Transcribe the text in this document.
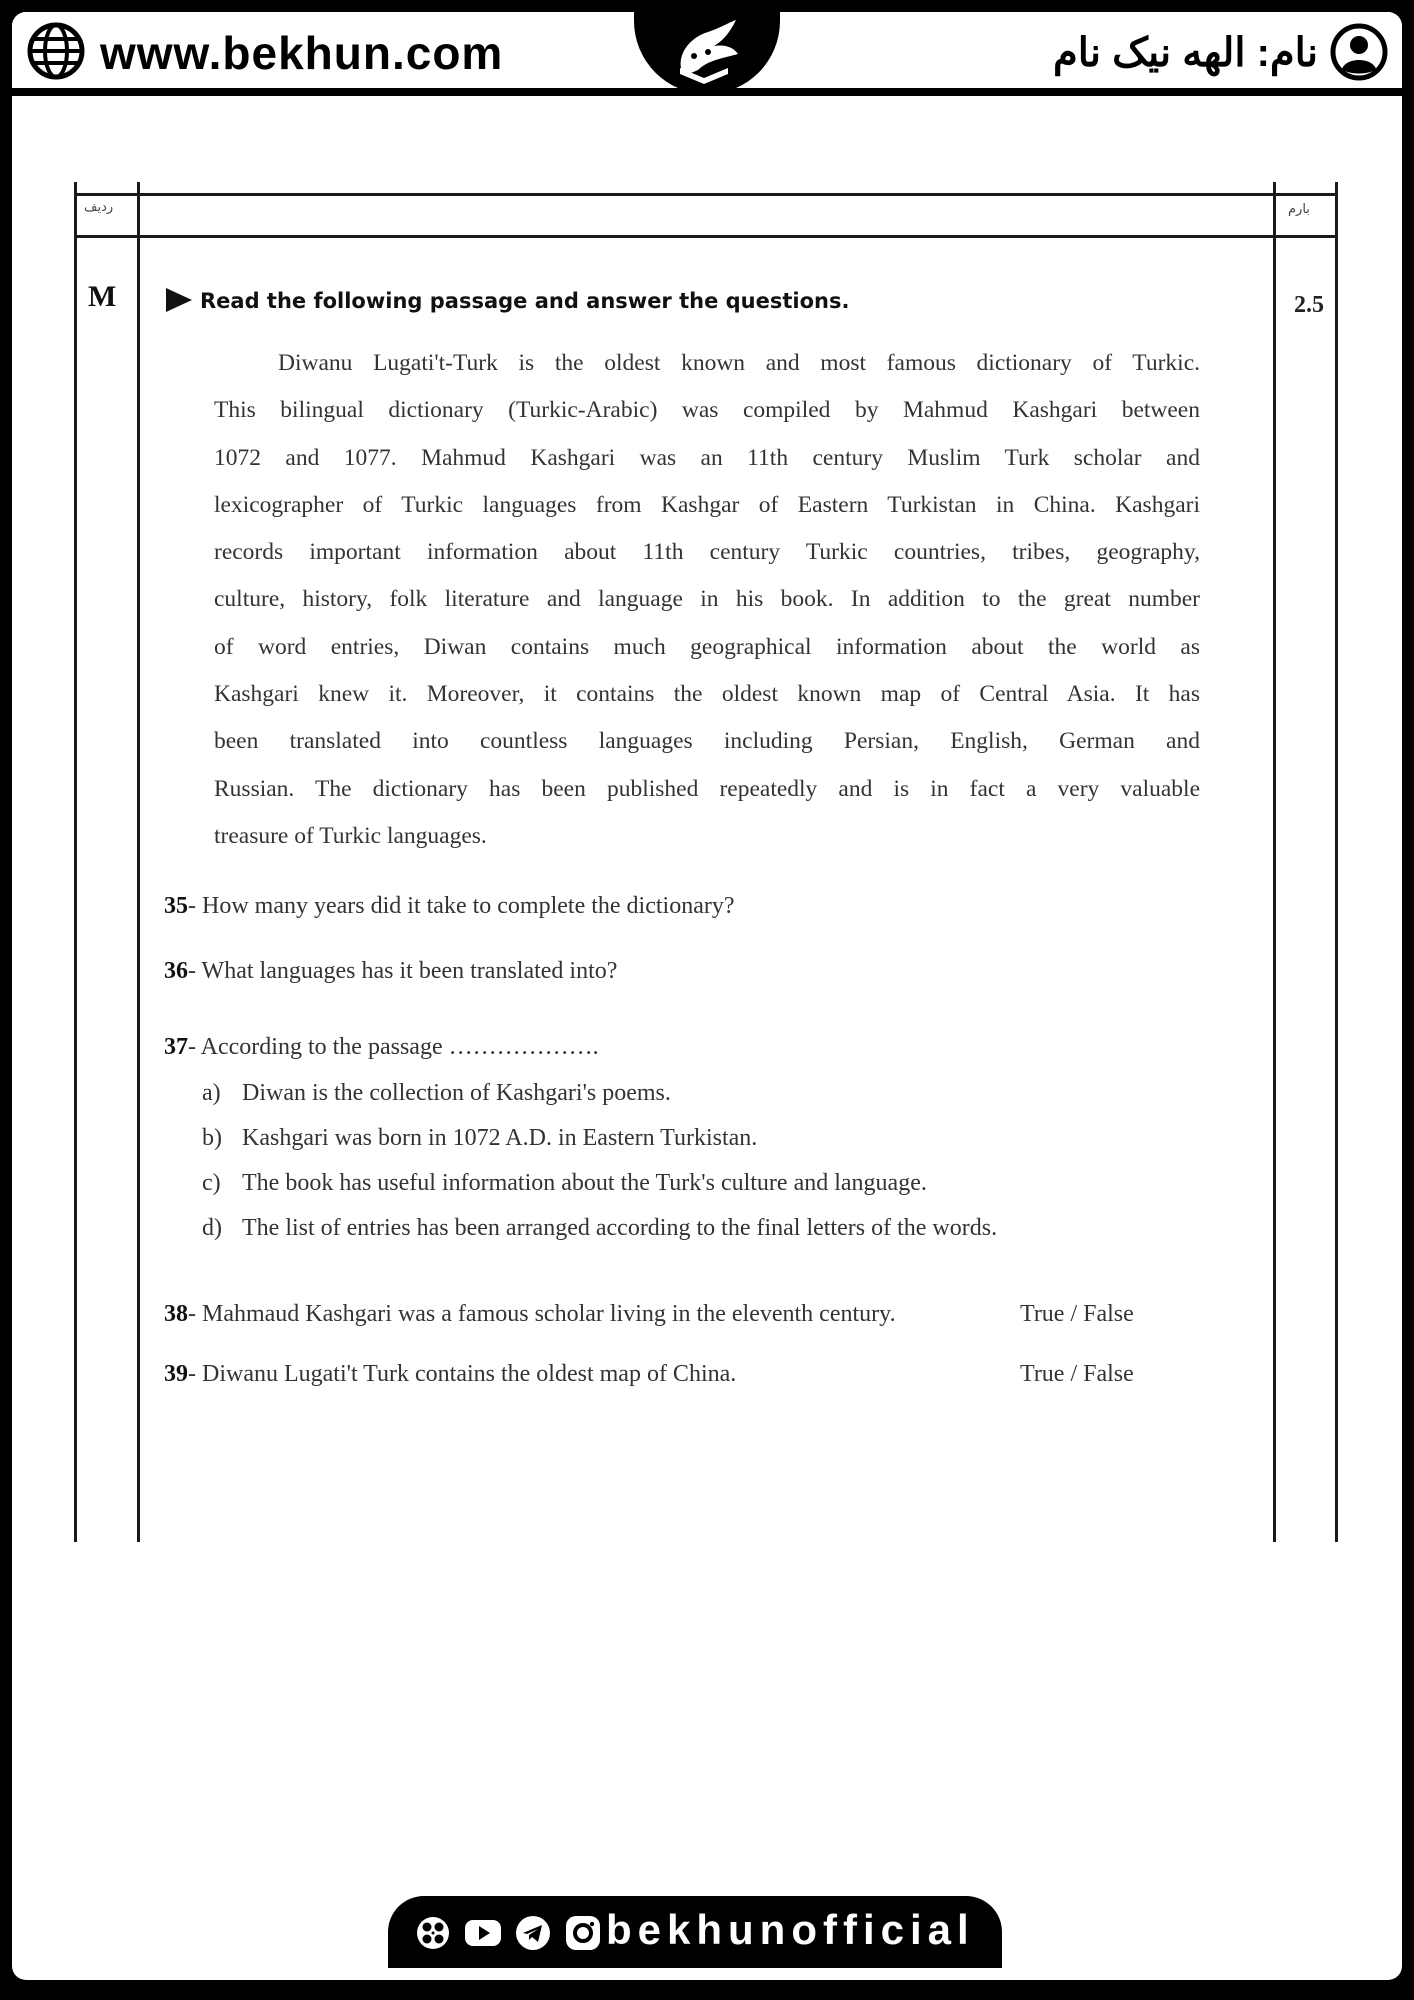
www.bekhun.com	نام: الهه نیک نام
ردیف	بارم
M	2.5
Read the following passage and answer the questions.
Diwanu Lugati't-Turk is the oldest known and most famous dictionary of Turkic.
This bilingual dictionary (Turkic-Arabic) was compiled by Mahmud Kashgari between
1072 and 1077. Mahmud Kashgari was an 11th century Muslim Turk scholar and
lexicographer of Turkic languages from Kashgar of Eastern Turkistan in China. Kashgari
records important information about 11th century Turkic countries, tribes, geography,
culture, history, folk literature and language in his book. In addition to the great number
of word entries, Diwan contains much geographical information about the world as
Kashgari knew it. Moreover, it contains the oldest known map of Central Asia. It has
been translated into countless languages including Persian, English, German and
Russian. The dictionary has been published repeatedly and is in fact a very valuable
treasure of Turkic languages.
35- How many years did it take to complete the dictionary?
36- What languages has it been translated into?
37- According to the passage ……………….
a) Diwan is the collection of Kashgari's poems.
b) Kashgari was born in 1072 A.D. in Eastern Turkistan.
c) The book has useful information about the Turk's culture and language.
d) The list of entries has been arranged according to the final letters of the words.
38- Mahmaud Kashgari was a famous scholar living in the eleventh century.	True / False
39- Diwanu Lugati't Turk contains the oldest map of China.	True / False
bekhunofficial
